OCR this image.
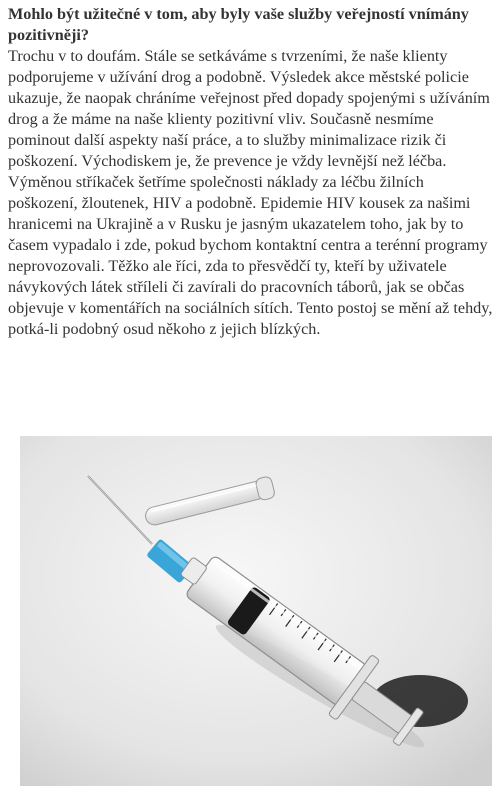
Mohlo být užitečné v tom, aby byly vaše služby veřejností vnímány pozitivněji?

Trochu v to doufám. Stále se setkáváme s tvrzeními, že naše klienty podporujeme v užívání drog a podobně. Výsledek akce městské policie ukazuje, že naopak chráníme veřejnost před dopady spojenými s užíváním drog a že máme na naše klienty pozitivní vliv. Současně nesmíme pominout další aspekty naší práce, a to služby minimalizace rizik či poškození. Východiskem je, že prevence je vždy levnější než léčba. Výměnou stříkaček šetříme společnosti náklady za léčbu žilních poškození, žloutenek, HIV a podobně. Epidemie HIV kousek za našimi hranicemi na Ukrajině a v Rusku je jasným ukazatelem toho, jak by to časem vypadalo i zde, pokud bychom kontaktní centra a terénní programy neprovozovali. Těžko ale říci, zda to přesvědčí ty, kteří by uživatele návykových látek stříleli či zavírali do pracovních táborů, jak se občas objevuje v komentářích na sociálních sítích. Tento postoj se mění až tehdy, potká-li podobný osud někoho z jejich blízkých.
